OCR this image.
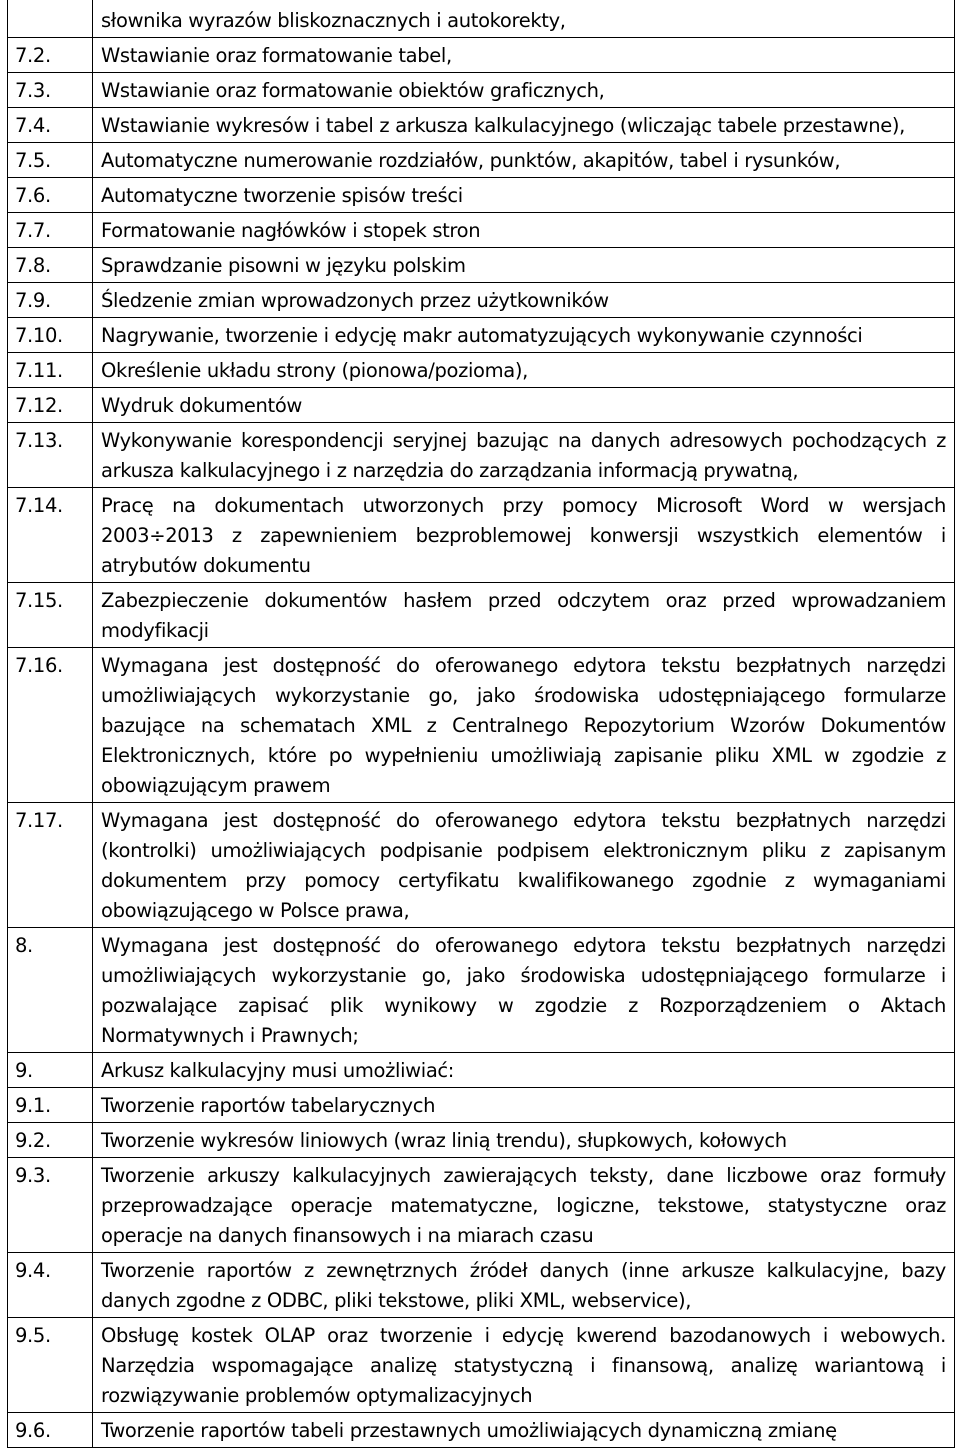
	słownika wyrazów bliskoznacznych i autokorekty,
7.2.	Wstawianie oraz formatowanie tabel,
7.3.	Wstawianie oraz formatowanie obiektów graficznych,
7.4.	Wstawianie wykresów i tabel z arkusza kalkulacyjnego (wliczając tabele przestawne),
7.5.	Automatyczne numerowanie rozdziałów, punktów, akapitów, tabel i rysunków,
7.6.	Automatyczne tworzenie spisów treści
7.7.	Formatowanie nagłówków i stopek stron
7.8.	Sprawdzanie pisowni w języku polskim
7.9.	Śledzenie zmian wprowadzonych przez użytkowników
7.10.	Nagrywanie, tworzenie i edycję makr automatyzujących wykonywanie czynności
7.11.	Określenie układu strony (pionowa/pozioma),
7.12.	Wydruk dokumentów
7.13.	Wykonywanie korespondencji seryjnej bazując na danych adresowych pochodzących z arkusza kalkulacyjnego i z narzędzia do zarządzania informacją prywatną,
7.14.	Pracę na dokumentach utworzonych przy pomocy Microsoft Word w wersjach 2003÷2013 z zapewnieniem bezproblemowej konwersji wszystkich elementów i atrybutów dokumentu
7.15.	Zabezpieczenie dokumentów hasłem przed odczytem oraz przed wprowadzaniem modyfikacji
7.16.	Wymagana jest dostępność do oferowanego edytora tekstu bezpłatnych narzędzi umożliwiających wykorzystanie go, jako środowiska udostępniającego formularze bazujące na schematach XML z Centralnego Repozytorium Wzorów Dokumentów Elektronicznych, które po wypełnieniu umożliwiają zapisanie pliku XML w zgodzie z obowiązującym prawem
7.17.	Wymagana jest dostępność do oferowanego edytora tekstu bezpłatnych narzędzi (kontrolki) umożliwiających podpisanie podpisem elektronicznym pliku z zapisanym dokumentem przy pomocy certyfikatu kwalifikowanego zgodnie z wymaganiami obowiązującego w Polsce prawa,
8.	Wymagana jest dostępność do oferowanego edytora tekstu bezpłatnych narzędzi umożliwiających wykorzystanie go, jako środowiska udostępniającego formularze i pozwalające zapisać plik wynikowy w zgodzie z Rozporządzeniem o Aktach Normatywnych i Prawnych;
9.	Arkusz kalkulacyjny musi umożliwiać:
9.1.	Tworzenie raportów tabelarycznych
9.2.	Tworzenie wykresów liniowych (wraz linią trendu), słupkowych, kołowych
9.3.	Tworzenie arkuszy kalkulacyjnych zawierających teksty, dane liczbowe oraz formuły przeprowadzające operacje matematyczne, logiczne, tekstowe, statystyczne oraz operacje na danych finansowych i na miarach czasu
9.4.	Tworzenie raportów z zewnętrznych źródeł danych (inne arkusze kalkulacyjne, bazy danych zgodne z ODBC, pliki tekstowe, pliki XML, webservice),
9.5.	Obsługę kostek OLAP oraz tworzenie i edycję kwerend bazodanowych i webowych. Narzędzia wspomagające analizę statystyczną i finansową, analizę wariantową i rozwiązywanie problemów optymalizacyjnych
9.6.	Tworzenie raportów tabeli przestawnych umożliwiających dynamiczną zmianę
